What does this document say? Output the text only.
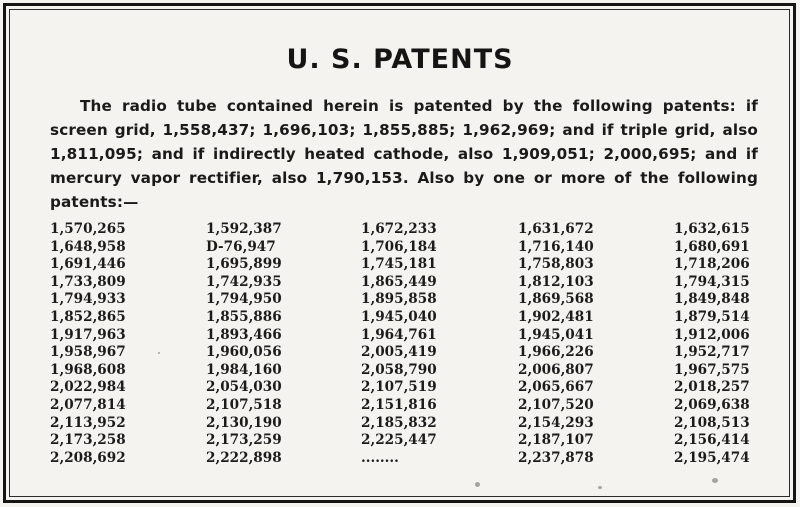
U. S. PATENTS
The radio tube contained herein is patented by the following patents: if screen grid, 1,558,437; 1,696,103; 1,855,885; 1,962,969; and if triple grid, also 1,811,095; and if indirectly heated cathode, also 1,909,051; 2,000,695; and if mercury vapor rectifier, also 1,790,153. Also by one or more of the following patents:—
1,570,265
1,648,958
1,691,446
1,733,809
1,794,933
1,852,865
1,917,963
1,958,967
1,968,608
2,022,984
2,077,814
2,113,952
2,173,258
2,208,692
1,592,387
D-76,947
1,695,899
1,742,935
1,794,950
1,855,886
1,893,466
1,960,056
1,984,160
2,054,030
2,107,518
2,130,190
2,173,259
2,222,898
1,672,233
1,706,184
1,745,181
1,865,449
1,895,858
1,945,040
1,964,761
2,005,419
2,058,790
2,107,519
2,151,816
2,185,832
2,225,447
........
1,631,672
1,716,140
1,758,803
1,812,103
1,869,568
1,902,481
1,945,041
1,966,226
2,006,807
2,065,667
2,107,520
2,154,293
2,187,107
2,237,878
1,632,615
1,680,691
1,718,206
1,794,315
1,849,848
1,879,514
1,912,006
1,952,717
1,967,575
2,018,257
2,069,638
2,108,513
2,156,414
2,195,474
